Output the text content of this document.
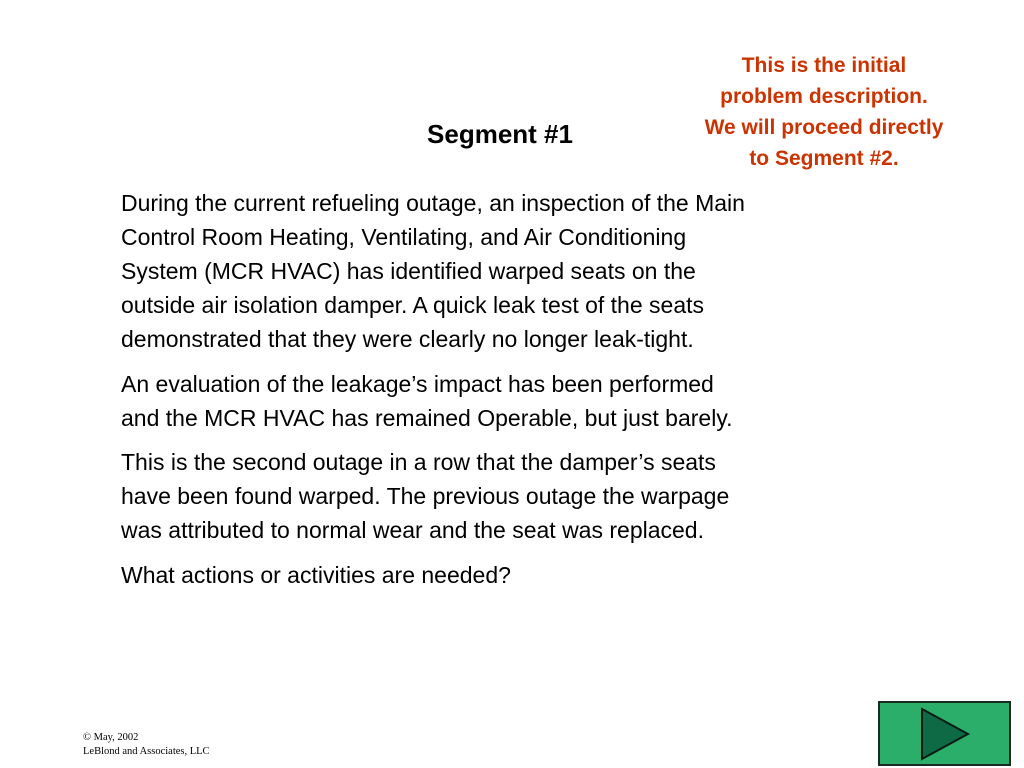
This is the initial
problem description.
We will proceed directly
to Segment #2.
Segment #1

During the current refueling outage, an inspection of the Main
Control Room Heating, Ventilating, and Air Conditioning
System (MCR HVAC) has identified warped seats on the
outside air isolation damper. A quick leak test of the seats
demonstrated that they were clearly no longer leak-tight.

An evaluation of the leakage’s impact has been performed
and the MCR HVAC has remained Operable, but just barely.

This is the second outage in a row that the damper’s seats
have been found warped. The previous outage the warpage
was attributed to normal wear and the seat was replaced.

What actions or activities are needed?

© May, 2002
LeBlond and Associates, LLC
